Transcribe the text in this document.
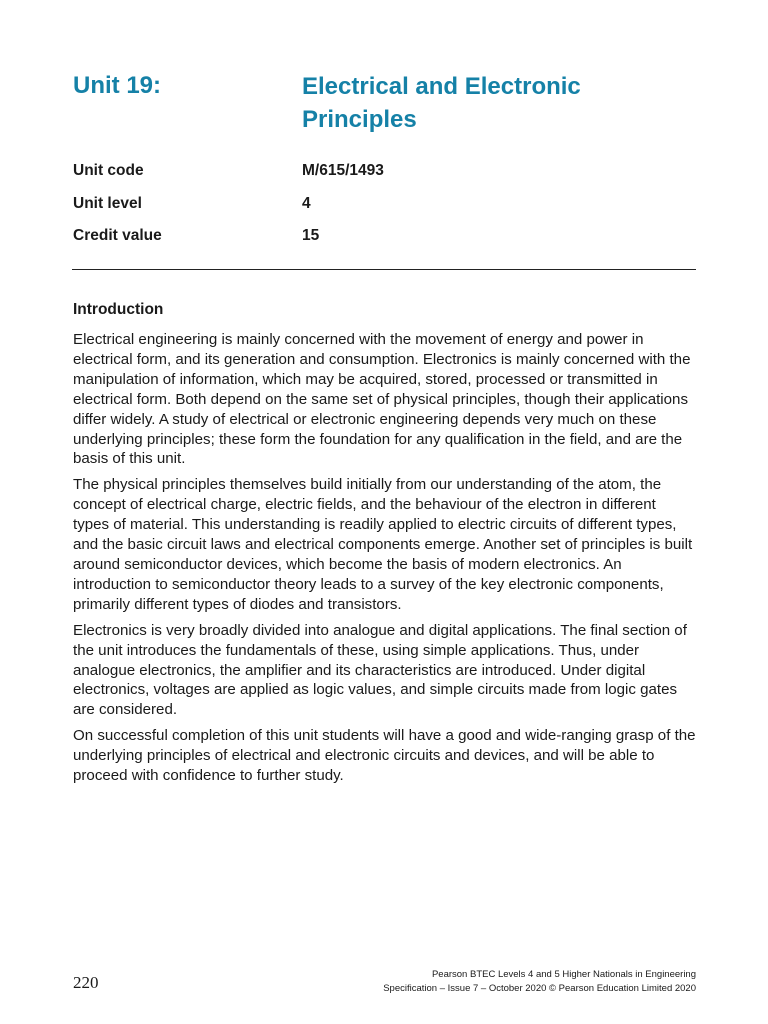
Unit 19:	Electrical and Electronic Principles
Unit code	M/615/1493
Unit level	4
Credit value	15
Introduction

Electrical engineering is mainly concerned with the movement of energy and power in electrical form, and its generation and consumption. Electronics is mainly concerned with the manipulation of information, which may be acquired, stored, processed or transmitted in electrical form. Both depend on the same set of physical principles, though their applications differ widely. A study of electrical or electronic engineering depends very much on these underlying principles; these form the foundation for any qualification in the field, and are the basis of this unit.

The physical principles themselves build initially from our understanding of the atom, the concept of electrical charge, electric fields, and the behaviour of the electron in different types of material. This understanding is readily applied to electric circuits of different types, and the basic circuit laws and electrical components emerge. Another set of principles is built around semiconductor devices, which become the basis of modern electronics. An introduction to semiconductor theory leads to a survey of the key electronic components, primarily different types of diodes and transistors.

Electronics is very broadly divided into analogue and digital applications. The final section of the unit introduces the fundamentals of these, using simple applications. Thus, under analogue electronics, the amplifier and its characteristics are introduced. Under digital electronics, voltages are applied as logic values, and simple circuits made from logic gates are considered.

On successful completion of this unit students will have a good and wide-ranging grasp of the underlying principles of electrical and electronic circuits and devices, and will be able to proceed with confidence to further study.

220	Pearson BTEC Levels 4 and 5 Higher Nationals in Engineering
Specification – Issue 7 – October 2020 © Pearson Education Limited 2020
